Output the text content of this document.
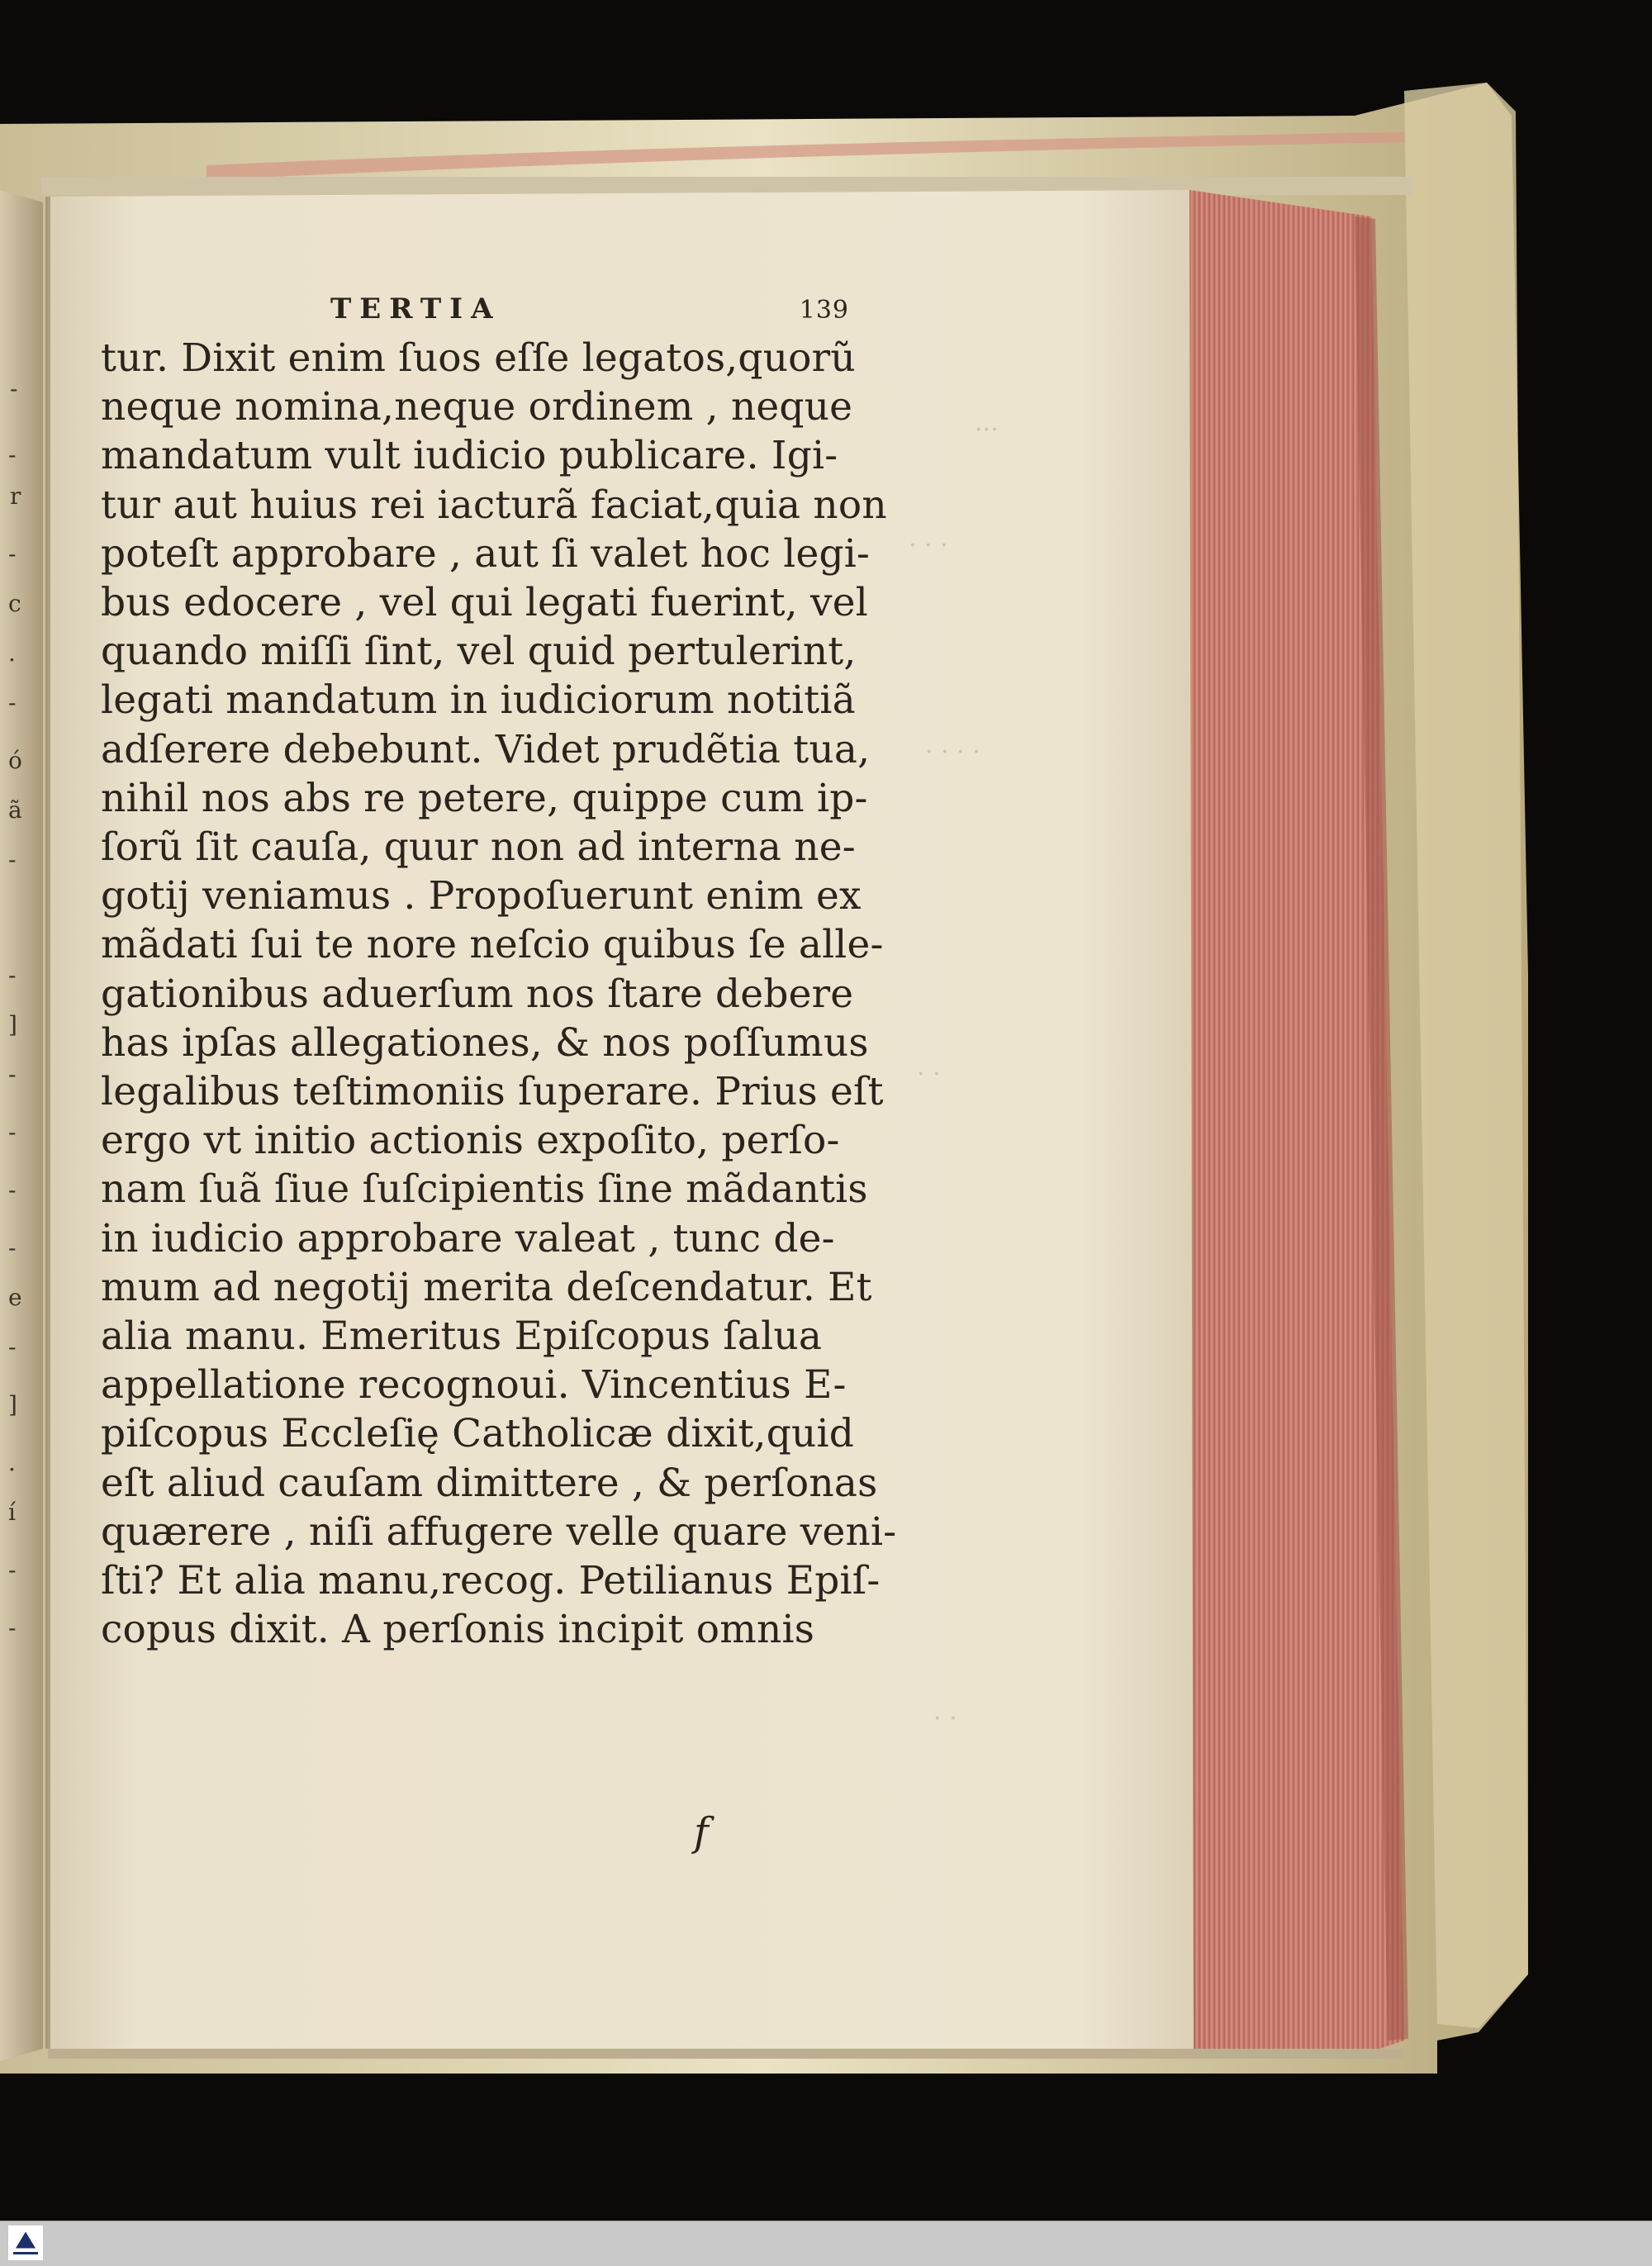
-
-
r
-
c
.
-
ó
ã
-
-
]
-
-
-
-
e
-
]
.
í
-
-
· · ·
· · · ·
· ·
· ·
···
TERTIA	139
tur. Dixit enim ſuos eſſe legatos,quorũ
neque nomina,neque ordinem , neque
mandatum vult iudicio publicare. Igi-
tur aut huius rei iacturã faciat,quia non
poteſt approbare , aut ſi valet hoc legi-
bus edocere , vel qui legati fuerint, vel
quando miſſi ſint, vel quid pertulerint,
legati mandatum in iudiciorum notitiã
adſerere debebunt. Videt prudẽtia tua,
nihil nos abs re petere, quippe cum ip-
ſorũ ſit cauſa, quur non ad interna ne-
gotij veniamus . Propoſuerunt enim ex
mãdati ſui te nore neſcio quibus ſe alle-
gationibus aduerſum nos ſtare debere
has ipſas allegationes, & nos poſſumus
legalibus teſtimoniis ſuperare. Prius eſt
ergo vt initio actionis expoſito, perſo-
nam ſuã ſiue ſuſcipientis ſine mãdantis
in iudicio approbare valeat , tunc de-
mum ad negotij merita deſcendatur. Et
alia manu. Emeritus Epiſcopus ſalua
appellatione recognoui. Vincentius E-
piſcopus Eccleſię Catholicæ dixit,quid
eſt aliud cauſam dimittere , & perſonas
quærere , niſi affugere velle quare veni-
ſti? Et alia manu,recog. Petilianus Epiſ-
copus dixit. A perſonis incipit omnis
f
